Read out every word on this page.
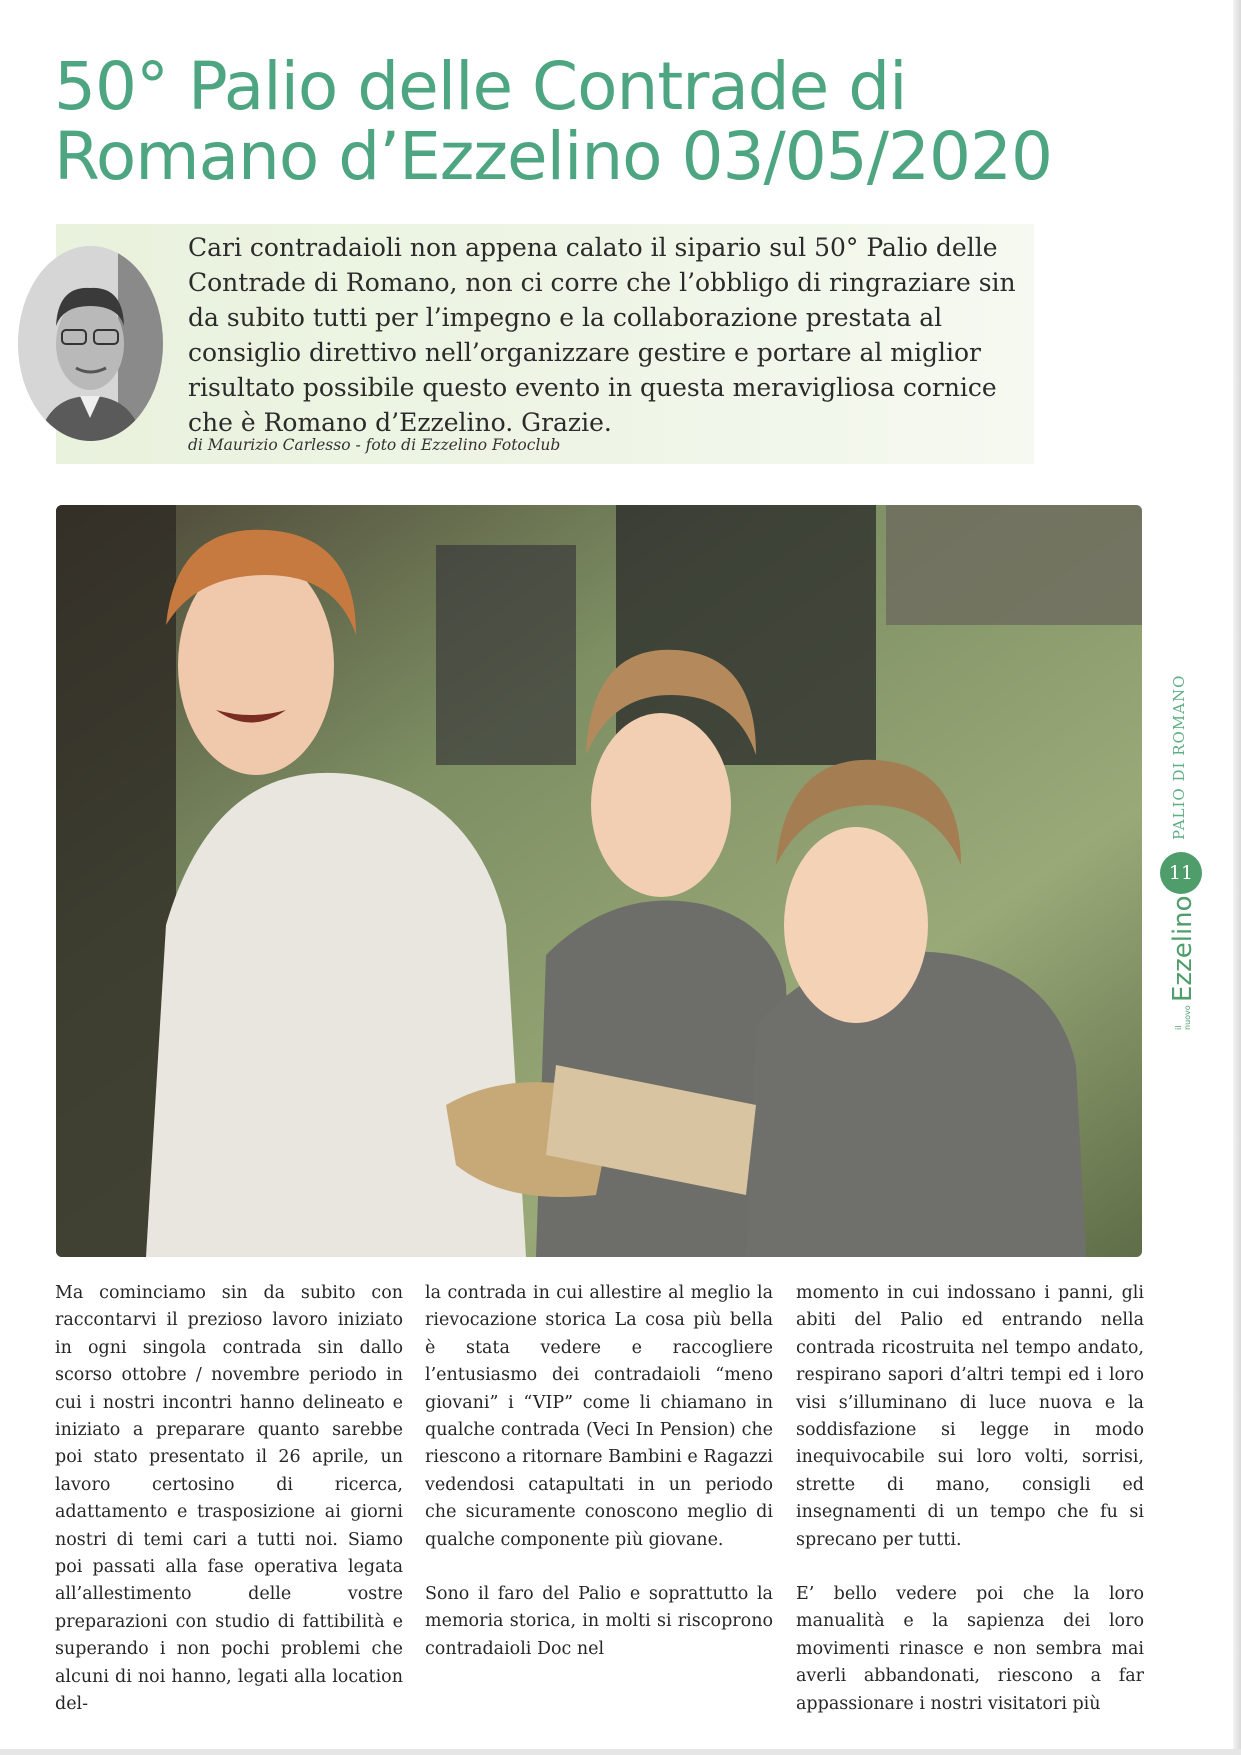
50° Palio delle Contrade di
Romano d’Ezzelino 03/05/2020

Cari contradaioli non appena calato il sipario sul 50° Palio delle Contrade di Romano, non ci corre che l’obbligo di ringraziare sin da subito tutti per l’impegno e la collaborazione prestata al consiglio direttivo nell’organizzare gestire e portare al miglior risultato possibile questo evento in questa meravigliosa cornice che è Romano d’Ezzelino. Grazie.

di Maurizio Carlesso - foto di Ezzelino Fotoclub

PALIO DI ROMANO
11
il nuovo
Ezzelino

Ma cominciamo sin da subito con raccontarvi il prezioso lavoro iniziato in ogni singola contrada sin dallo scorso ottobre / novembre periodo in cui i nostri incontri hanno delineato e iniziato a preparare quanto sarebbe poi stato presentato il 26 aprile, un lavoro certosino di ricerca, adattamento e trasposizione ai giorni nostri di temi cari a tutti noi. Siamo poi passati alla fase operativa legata all’allestimento delle vostre preparazioni con studio di fattibilità e superando i non pochi problemi che alcuni di noi hanno, legati alla location del-

la contrada in cui allestire al meglio la rievocazione storica La cosa più bella è stata vedere e raccogliere l’entusiasmo dei contradaioli “meno giovani” i “VIP” come li chiamano in qualche contrada (Veci In Pension) che riescono a ritornare Bambini e Ragazzi vedendosi catapultati in un periodo che sicuramente conoscono meglio di qualche componente più giovane.

Sono il faro del Palio e soprattutto la memoria storica, in molti si riscoprono contradaioli Doc nel

momento in cui indossano i panni, gli abiti del Palio ed entrando nella contrada ricostruita nel tempo andato, respirano sapori d’altri tempi ed i loro visi s’illuminano di luce nuova e la soddisfazione si legge in modo inequivocabile sui loro volti, sorrisi, strette di mano, consigli ed insegnamenti di un tempo che fu si sprecano per tutti.

E’ bello vedere poi che la loro manualità e la sapienza dei loro movimenti rinasce e non sembra mai averli abbandonati, riescono a far appassionare i nostri visitatori più
